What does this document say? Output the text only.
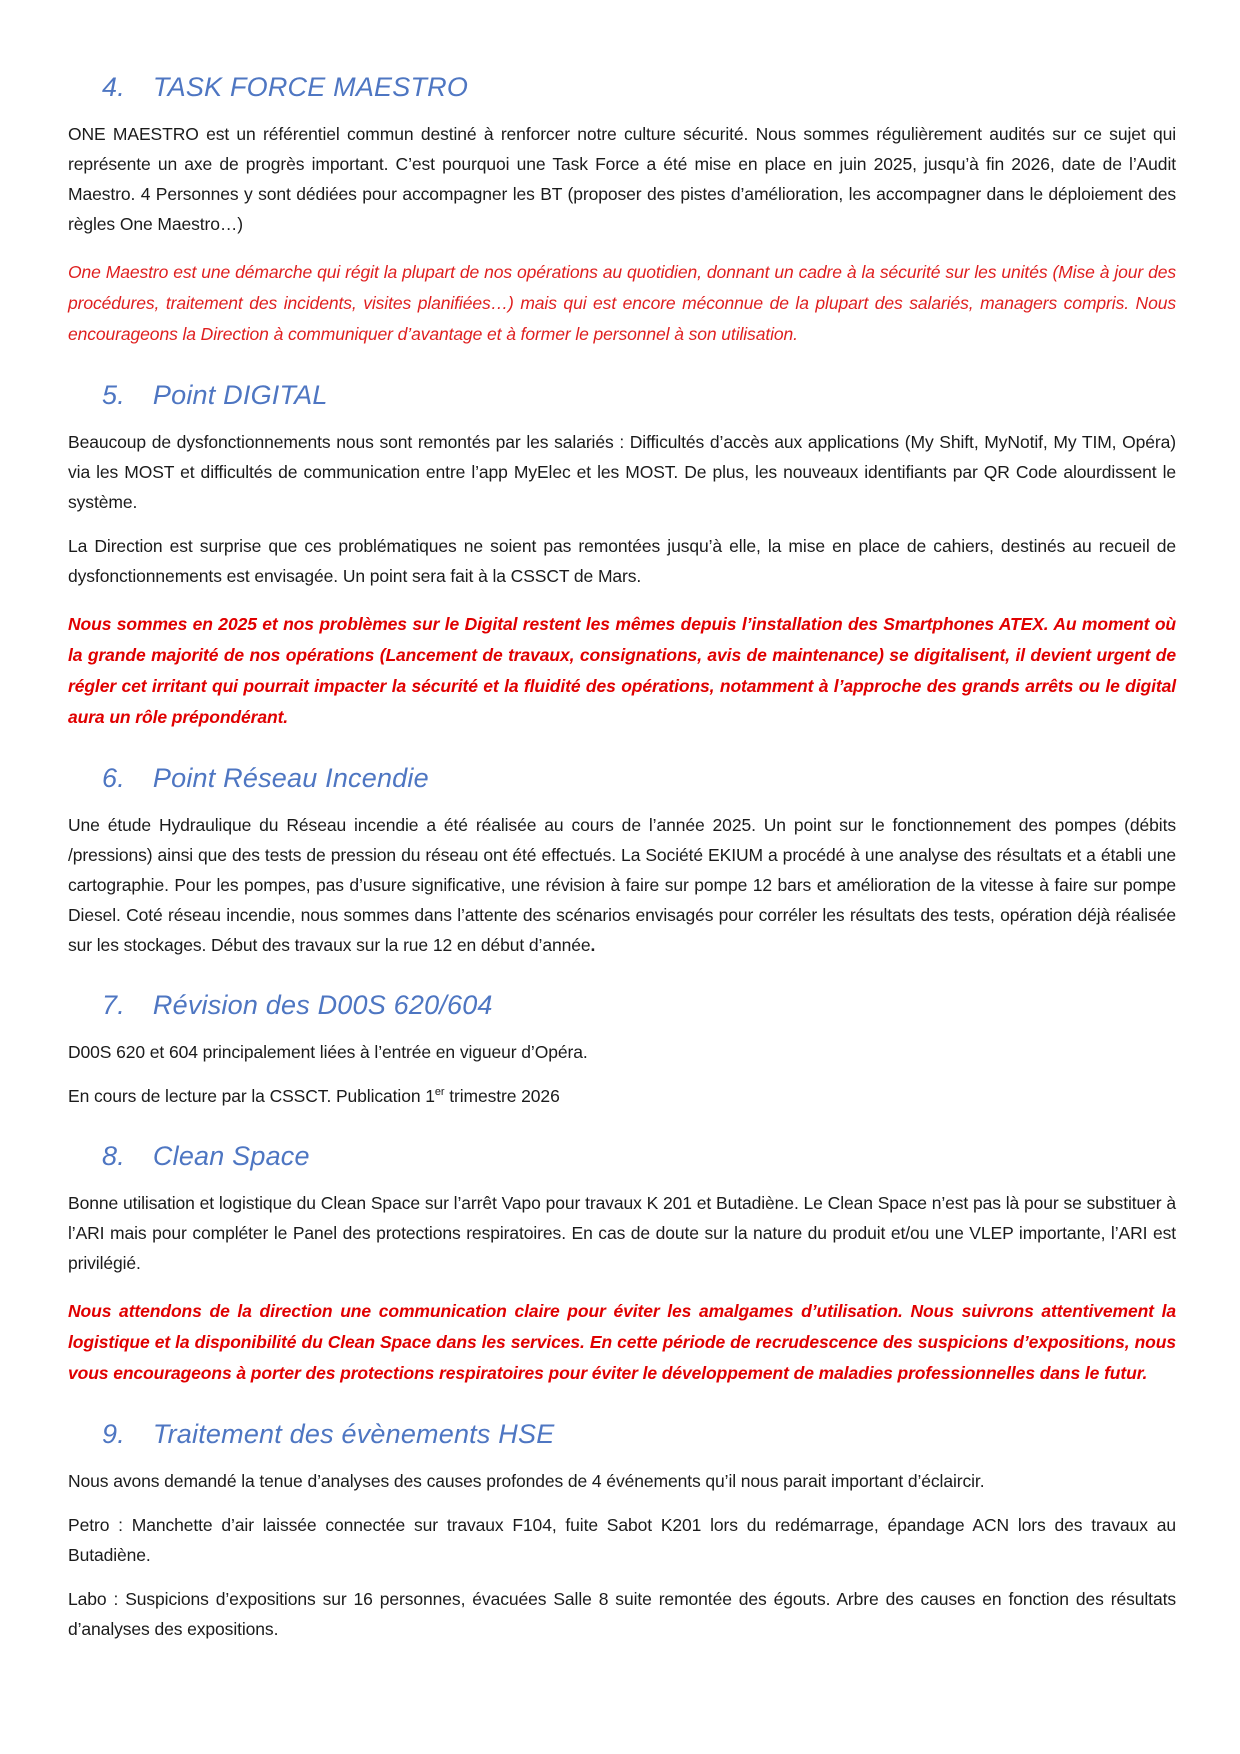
4. TASK FORCE MAESTRO

ONE MAESTRO est un référentiel commun destiné à renforcer notre culture sécurité. Nous sommes régulièrement audités sur ce sujet qui représente un axe de progrès important. C’est pourquoi une Task Force a été mise en place en juin 2025, jusqu’à fin 2026, date de l’Audit Maestro. 4 Personnes y sont dédiées pour accompagner les BT (proposer des pistes d’amélioration, les accompagner dans le déploiement des règles One Maestro…)

One Maestro est une démarche qui régit la plupart de nos opérations au quotidien, donnant un cadre à la sécurité sur les unités (Mise à jour des procédures, traitement des incidents, visites planifiées…) mais qui est encore méconnue de la plupart des salariés, managers compris. Nous encourageons la Direction à communiquer d’avantage et à former le personnel à son utilisation.

5. Point DIGITAL

Beaucoup de dysfonctionnements nous sont remontés par les salariés : Difficultés d’accès aux applications (My Shift, MyNotif, My TIM, Opéra) via les MOST et difficultés de communication entre l’app MyElec et les MOST. De plus, les nouveaux identifiants par QR Code alourdissent le système.

La Direction est surprise que ces problématiques ne soient pas remontées jusqu’à elle, la mise en place de cahiers, destinés au recueil de dysfonctionnements est envisagée. Un point sera fait à la CSSCT de Mars.

Nous sommes en 2025 et nos problèmes sur le Digital restent les mêmes depuis l’installation des Smartphones ATEX. Au moment où la grande majorité de nos opérations (Lancement de travaux, consignations, avis de maintenance) se digitalisent, il devient urgent de régler cet irritant qui pourrait impacter la sécurité et la fluidité des opérations, notamment à l’approche des grands arrêts ou le digital aura un rôle prépondérant.

6. Point Réseau Incendie

Une étude Hydraulique du Réseau incendie a été réalisée au cours de l’année 2025. Un point sur le fonctionnement des pompes (débits /pressions) ainsi que des tests de pression du réseau ont été effectués. La Société EKIUM a procédé à une analyse des résultats et a établi une cartographie. Pour les pompes, pas d’usure significative, une révision à faire sur pompe 12 bars et amélioration de la vitesse à faire sur pompe Diesel. Coté réseau incendie, nous sommes dans l’attente des scénarios envisagés pour corréler les résultats des tests, opération déjà réalisée sur les stockages. Début des travaux sur la rue 12 en début d’année.

7. Révision des D00S 620/604

D00S 620 et 604 principalement liées à l’entrée en vigueur d’Opéra.

En cours de lecture par la CSSCT. Publication 1er trimestre 2026

8. Clean Space

Bonne utilisation et logistique du Clean Space sur l’arrêt Vapo pour travaux K 201 et Butadiène. Le Clean Space n’est pas là pour se substituer à l’ARI mais pour compléter le Panel des protections respiratoires. En cas de doute sur la nature du produit et/ou une VLEP importante, l’ARI est privilégié.

Nous attendons de la direction une communication claire pour éviter les amalgames d’utilisation. Nous suivrons attentivement la logistique et la disponibilité du Clean Space dans les services. En cette période de recrudescence des suspicions d’expositions, nous vous encourageons à porter des protections respiratoires pour éviter le développement de maladies professionnelles dans le futur.

9. Traitement des évènements HSE

Nous avons demandé la tenue d’analyses des causes profondes de 4 événements qu’il nous parait important d’éclaircir.

Petro : Manchette d’air laissée connectée sur travaux F104, fuite Sabot K201 lors du redémarrage, épandage ACN lors des travaux au Butadiène.

Labo : Suspicions d’expositions sur 16 personnes, évacuées Salle 8 suite remontée des égouts. Arbre des causes en fonction des résultats d’analyses des expositions.
